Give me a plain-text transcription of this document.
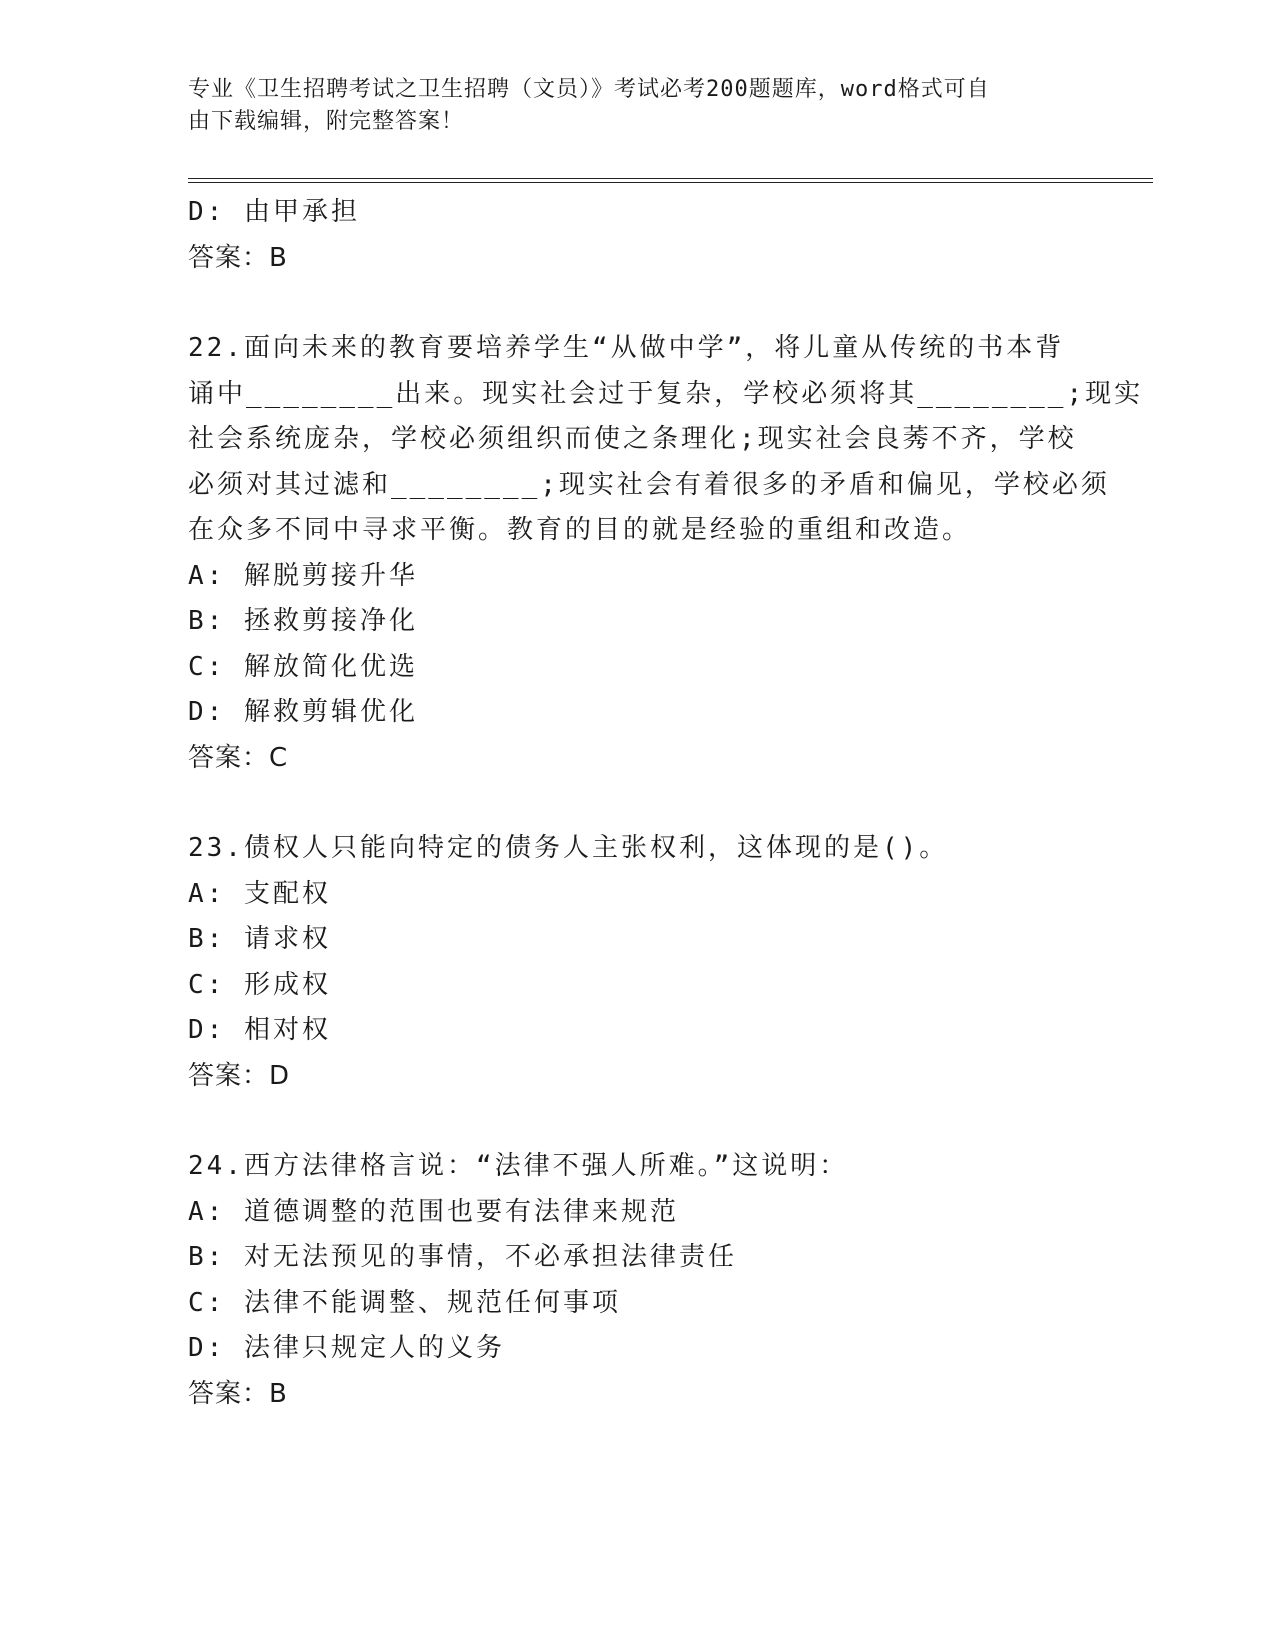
专业《卫生招聘考试之卫生招聘（文员）》考试必考200题题库，word格式可自
由下载编辑，附完整答案！
D: 由甲承担
答案：B
22.面向未来的教育要培养学生“从做中学”，将儿童从传统的书本背
诵中________出来。现实社会过于复杂，学校必须将其________;现实
社会系统庞杂，学校必须组织而使之条理化;现实社会良莠不齐，学校
必须对其过滤和________;现实社会有着很多的矛盾和偏见，学校必须
在众多不同中寻求平衡。教育的目的就是经验的重组和改造。
A: 解脱剪接升华
B: 拯救剪接净化
C: 解放简化优选
D: 解救剪辑优化
答案：C
23.债权人只能向特定的债务人主张权利，这体现的是()。
A: 支配权
B: 请求权
C: 形成权
D: 相对权
答案：D
24.西方法律格言说：“法律不强人所难。”这说明：
A: 道德调整的范围也要有法律来规范
B: 对无法预见的事情，不必承担法律责任
C: 法律不能调整、规范任何事项
D: 法律只规定人的义务
答案：B
